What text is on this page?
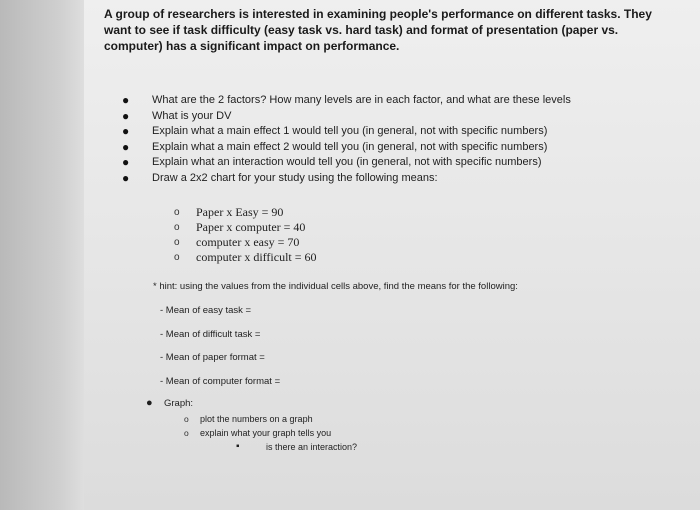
A group of researchers is interested in examining people's performance on different tasks. They want to see if task difficulty (easy task vs. hard task) and format of presentation (paper vs. computer) has a significant impact on performance.
● What are the 2 factors? How many levels are in each factor, and what are these levels
● What is your DV
● Explain what a main effect 1 would tell you (in general, not with specific numbers)
● Explain what a main effect 2 would tell you (in general, not with specific numbers)
● Explain what an interaction would tell you (in general, not with specific numbers)
● Draw a 2x2 chart for your study using the following means:
o Paper x Easy = 90
o Paper x computer = 40
o computer x easy = 70
o computer x difficult = 60
* hint: using the values from the individual cells above, find the means for the following:
- Mean of easy task =
- Mean of difficult task =
- Mean of paper format =
- Mean of computer format =
● Graph:
o plot the numbers on a graph
o explain what your graph tells you
▪	is there an interaction?
